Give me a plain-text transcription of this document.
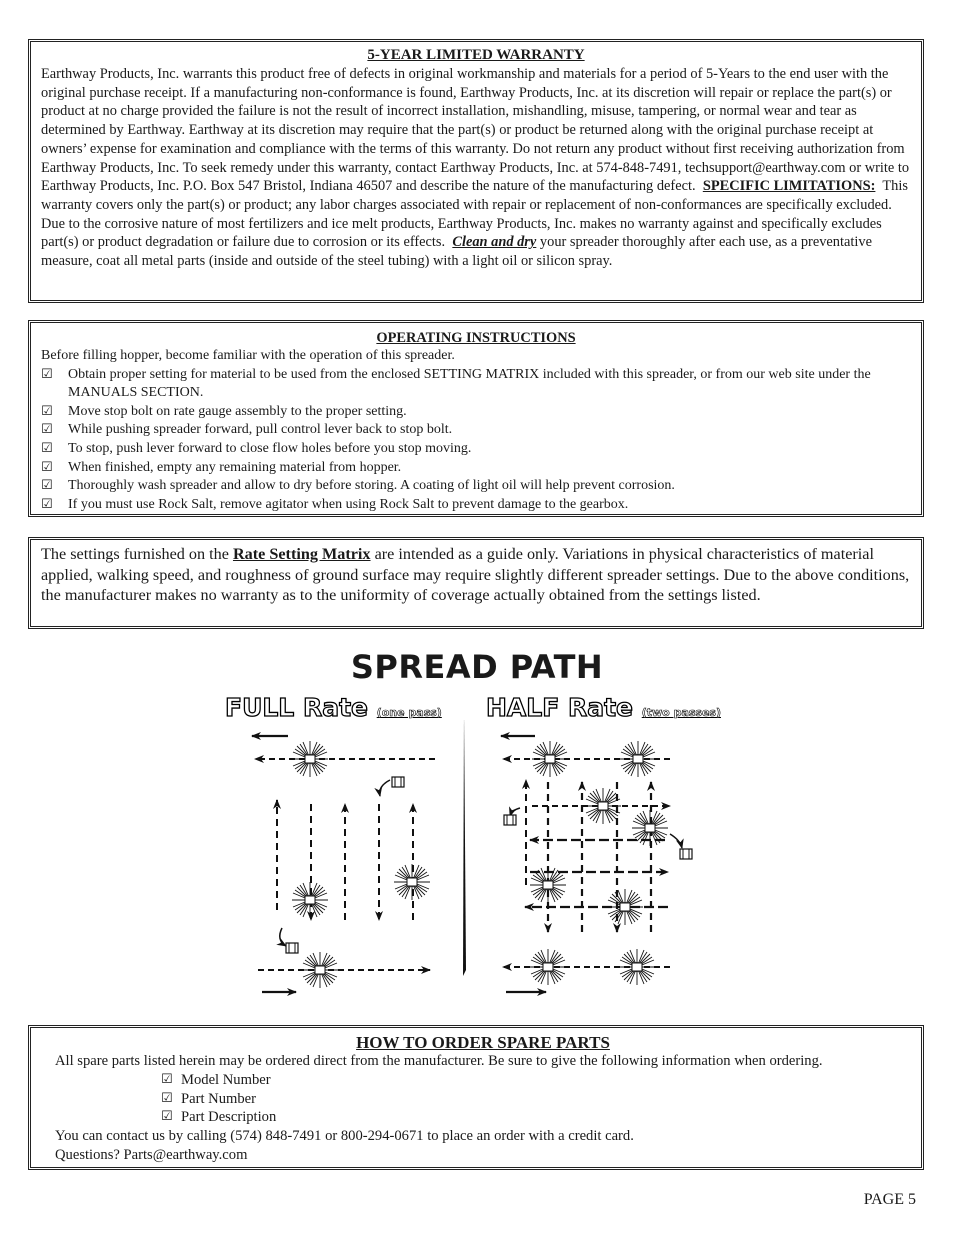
5-YEAR LIMITED WARRANTY

Earthway Products, Inc. warrants this product free of defects in original workmanship and materials for a period of 5-Years to the end user with the original purchase receipt. If a manufacturing non-conformance is found, Earthway Products, Inc. at its discretion will repair or replace the part(s) or product at no charge provided the failure is not the result of incorrect installation, mishandling, misuse, tampering, or normal wear and tear as determined by Earthway. Earthway at its discretion may require that the part(s) or product be returned along with the original purchase receipt at owners’ expense for examination and compliance with the terms of this warranty. Do not return any product without first receiving authorization from Earthway Products, Inc. To seek remedy under this warranty, contact Earthway Products, Inc. at 574-848-7491, techsupport@earthway.com or write to Earthway Products, Inc. P.O. Box 547 Bristol, Indiana 46507 and describe the nature of the manufacturing defect. SPECIFIC LIMITATIONS: This warranty covers only the part(s) or product; any labor charges associated with repair or replacement of non-conformances are specifically excluded. Due to the corrosive nature of most fertilizers and ice melt products, Earthway Products, Inc. makes no warranty against and specifically excludes part(s) or product degradation or failure due to corrosion or its effects. Clean and dry your spreader thoroughly after each use, as a preventative measure, coat all metal parts (inside and outside of the steel tubing) with a light oil or silicon spray.

OPERATING INSTRUCTIONS

Before filling hopper, become familiar with the operation of this spreader.

☑ Obtain proper setting for material to be used from the enclosed SETTING MATRIX included with this spreader, or from our web site under the MANUALS SECTION.
☑ Move stop bolt on rate gauge assembly to the proper setting.
☑ While pushing spreader forward, pull control lever back to stop bolt.
☑ To stop, push lever forward to close flow holes before you stop moving.
☑ When finished, empty any remaining material from hopper.
☑ Thoroughly wash spreader and allow to dry before storing. A coating of light oil will help prevent corrosion.
☑ If you must use Rock Salt, remove agitator when using Rock Salt to prevent damage to the gearbox.

The settings furnished on the Rate Setting Matrix are intended as a guide only. Variations in physical characteristics of material applied, walking speed, and roughness of ground surface may require slightly different spreader settings. Due to the above conditions, the manufacturer makes no warranty as to the uniformity of coverage actually obtained from the settings listed.

SPREAD PATH
FULL Rate (one pass) HALF Rate (two passes)
HOW TO ORDER SPARE PARTS

All spare parts listed herein may be ordered direct from the manufacturer. Be sure to give the following information when ordering.

☑ Model Number
☑ Part Number
☑ Part Description

You can contact us by calling (574) 848-7491 or 800-294-0671 to place an order with a credit card.

Questions? Parts@earthway.com

PAGE 5
